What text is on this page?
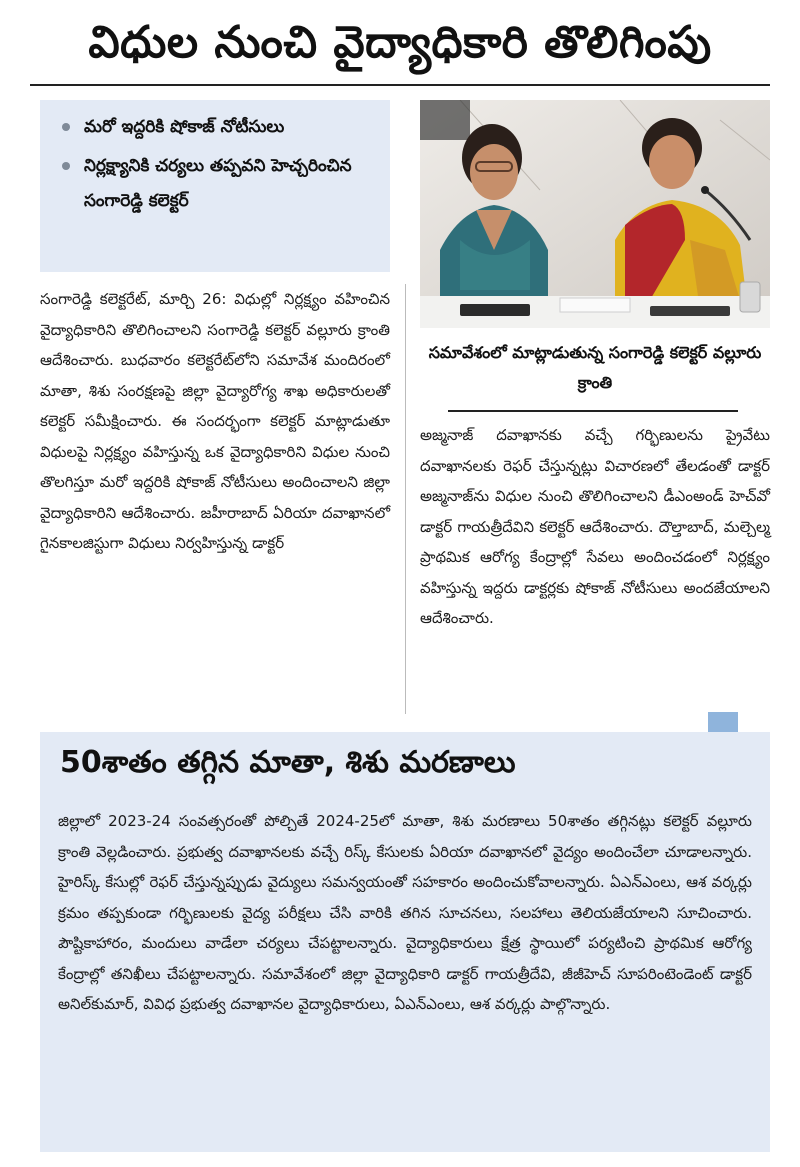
విధుల నుంచి వైద్యాధికారి తొలిగింపు
మరో ఇద్దరికి షోకాజ్ నోటీసులు
నిర్లక్ష్యానికి చర్యలు తప్పవని హెచ్చరించిన సంగారెడ్డి కలెక్టర్
సమావేశంలో మాట్లాడుతున్న సంగారెడ్డి కలెక్టర్ వల్లూరు క్రాంతి
సంగారెడ్డి కలెక్టరేట్, మార్చి 26: విధుల్లో నిర్లక్ష్యం వహించిన వైద్యాధికారిని తొలిగించాలని సంగారెడ్డి కలెక్టర్ వల్లూరు క్రాంతి ఆదేశించారు. బుధవారం కలెక్టరేట్‌లోని సమావేశ మందిరంలో మాతా, శిశు సంరక్షణపై జిల్లా వైద్యారోగ్య శాఖ అధికారులతో కలెక్టర్ సమీక్షించారు. ఈ సందర్భంగా కలెక్టర్ మాట్లాడుతూ విధులపై నిర్లక్ష్యం వహిస్తున్న ఒక వైద్యాధికారిని విధుల నుంచి తొలగిస్తూ మరో ఇద్దరికి షోకాజ్ నోటీసులు అందించాలని జిల్లా వైద్యాధికారిని ఆదేశించారు. జహీరాబాద్ ఏరియా దవాఖానలో గైనకాలజిస్టుగా విధులు నిర్వహిస్తున్న డాక్టర్
అజ్మనాజ్ దవాఖానకు వచ్చే గర్భిణులను ప్రైవేటు దవాఖానలకు రెఫర్ చేస్తున్నట్లు విచారణలో తేలడంతో డాక్టర్ అజ్మనాజ్‌ను విధుల నుంచి తొలిగించాలని డీఎంఅండ్ హెచ్‌వో డాక్టర్ గాయత్రీదేవిని కలెక్టర్ ఆదేశించారు. దౌల్తాబాద్, మల్చెల్మ ప్రాథమిక ఆరోగ్య కేంద్రాల్లో సేవలు అందించడంలో నిర్లక్ష్యం వహిస్తున్న ఇద్దరు డాక్టర్లకు షోకాజ్ నోటీసులు అందజేయాలని ఆదేశించారు.
50శాతం తగ్గిన మాతా, శిశు మరణాలు
జిల్లాలో 2023-24 సంవత్సరంతో పోల్చితే 2024-25లో మాతా, శిశు మరణాలు 50శాతం తగ్గినట్లు కలెక్టర్ వల్లూరు క్రాంతి వెల్లడించారు. ప్రభుత్వ దవాఖానలకు వచ్చే రిస్క్ కేసులకు ఏరియా దవాఖానలో వైద్యం అందించేలా చూడాలన్నారు. హైరిస్క్ కేసుల్లో రెఫర్ చేస్తున్నప్పుడు వైద్యులు సమన్వయంతో సహకారం అందించుకోవాలన్నారు. ఏఎన్ఎంలు, ఆశ వర్కర్లు క్రమం తప్పకుండా గర్భిణులకు వైద్య పరీక్షలు చేసి వారికి తగిన సూచనలు, సలహాలు తెలియజేయాలని సూచించారు. పౌష్టికాహారం, మందులు వాడేలా చర్యలు చేపట్టాలన్నారు. వైద్యాధికారులు క్షేత్ర స్థాయిలో పర్యటించి ప్రాథమిక ఆరోగ్య కేంద్రాల్లో తనిఖీలు చేపట్టాలన్నారు. సమావేశంలో జిల్లా వైద్యాధికారి డాక్టర్ గాయత్రీదేవి, జీజీహెచ్ సూపరింటెండెంట్ డాక్టర్ అనిల్‌కుమార్, వివిధ ప్రభుత్వ దవాఖానల వైద్యాధికారులు, ఏఎన్ఎంలు, ఆశ వర్కర్లు పాల్గొన్నారు.
